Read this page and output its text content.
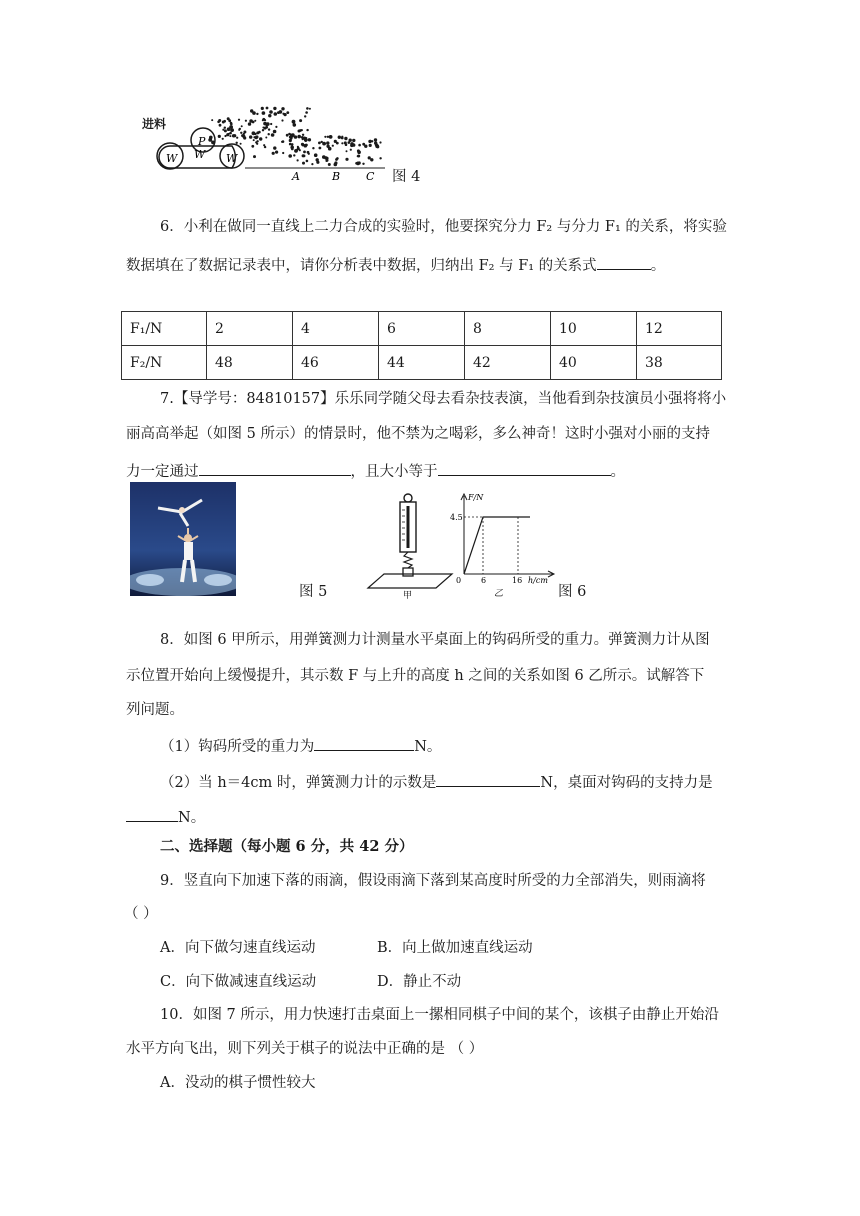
进料
W
P
W
W
A	B C 图 4
6．小利在做同一直线上二力合成的实验时，他要探究分力 F₂ 与分力 F₁ 的关系，将实验
数据填在了数据记录表中，请你分析表中数据，归纳出 F₂ 与 F₁ 的关系式	。
F₁/N	2	4	6	8	10	12
F₂/N	48	46	44	42	40	38
7.【导学号：84810157】乐乐同学随父母去看杂技表演，当他看到杂技演员小强将将小
丽高高举起（如图 5 所示）的情景时，他不禁为之喝彩，多么神奇！这时小强对小丽的支持
力一定通过	，且大小等于	。
图 5	甲
F/N
4.5
0 6	16 h/cm
乙	图 6
8．如图 6 甲所示，用弹簧测力计测量水平桌面上的钩码所受的重力。弹簧测力计从图
示位置开始向上缓慢提升，其示数 F 与上升的高度 h 之间的关系如图 6 乙所示。试解答下
列问题。
（1）钩码所受的重力为	N。
（2）当 h＝4cm 时，弹簧测力计的示数是	N，桌面对钩码的支持力是
N。
二、选择题（每小题 6 分，共 42 分）
9．竖直向下加速下落的雨滴，假设雨滴下落到某高度时所受的力全部消失，则雨滴将
（ ）
A．向下做匀速直线运动	B．向上做加速直线运动
C．向下做减速直线运动	D．静止不动
10．如图 7 所示，用力快速打击桌面上一摞相同棋子中间的某个，该棋子由静止开始沿
水平方向飞出，则下列关于棋子的说法中正确的是 （ ）
A．没动的棋子惯性较大
